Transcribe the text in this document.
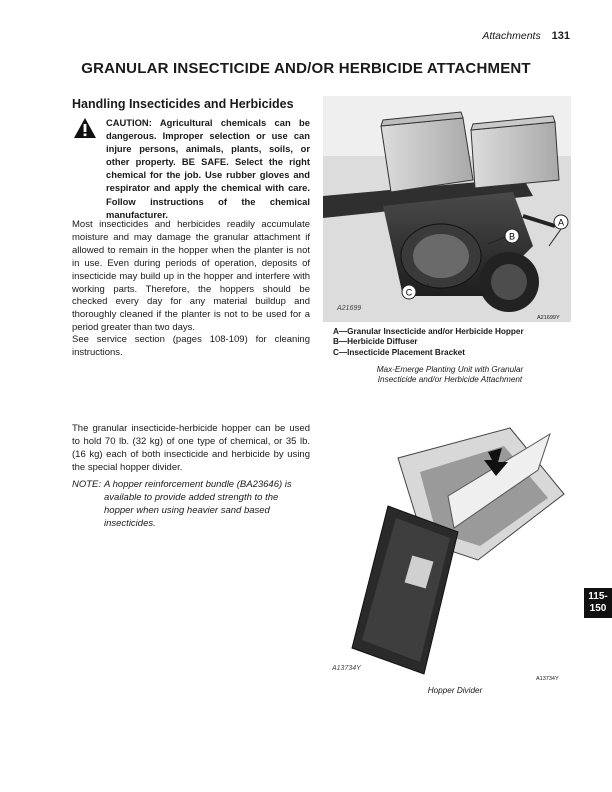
Attachments 131
GRANULAR INSECTICIDE AND/OR HERBICIDE ATTACHMENT
Handling Insecticides and Herbicides
CAUTION: Agricultural chemicals can be dangerous. Improper selection or use can injure persons, animals, plants, soils, or other property. BE SAFE. Select the right chemical for the job. Use rubber gloves and respirator and apply the chemical with care. Follow instructions of the chemical manufacturer.
Most insecticides and herbicides readily accumulate moisture and may damage the granular attachment if allowed to remain in the hopper when the planter is not in use. Even during periods of operation, deposits of insecticide may build up in the hopper and interfere with working parts. Therefore, the hoppers should be checked every day for any material buildup and thoroughly cleaned if the planter is not to be used for a period greater than two days.
See service section (pages 108-109) for cleaning instructions.
The granular insecticide-herbicide hopper can be used to hold 70 lb. (32 kg) of one type of chemical, or 35 lb. (16 kg) each of both insecticide and herbicide by using the special hopper divider.
NOTE: A hopper reinforcement bundle (BA23646) is available to provide added strength to the hopper when using heavier sand based insecticides.
A
B
C
A21699
A21699Y
A—Granular Insecticide and/or Herbicide Hopper
B—Herbicide Diffuser
C—Insecticide Placement Bracket
Max-Emerge Planting Unit with Granular Insecticide and/or Herbicide Attachment
A13734Y
A13734Y
Hopper Divider
115-
150
